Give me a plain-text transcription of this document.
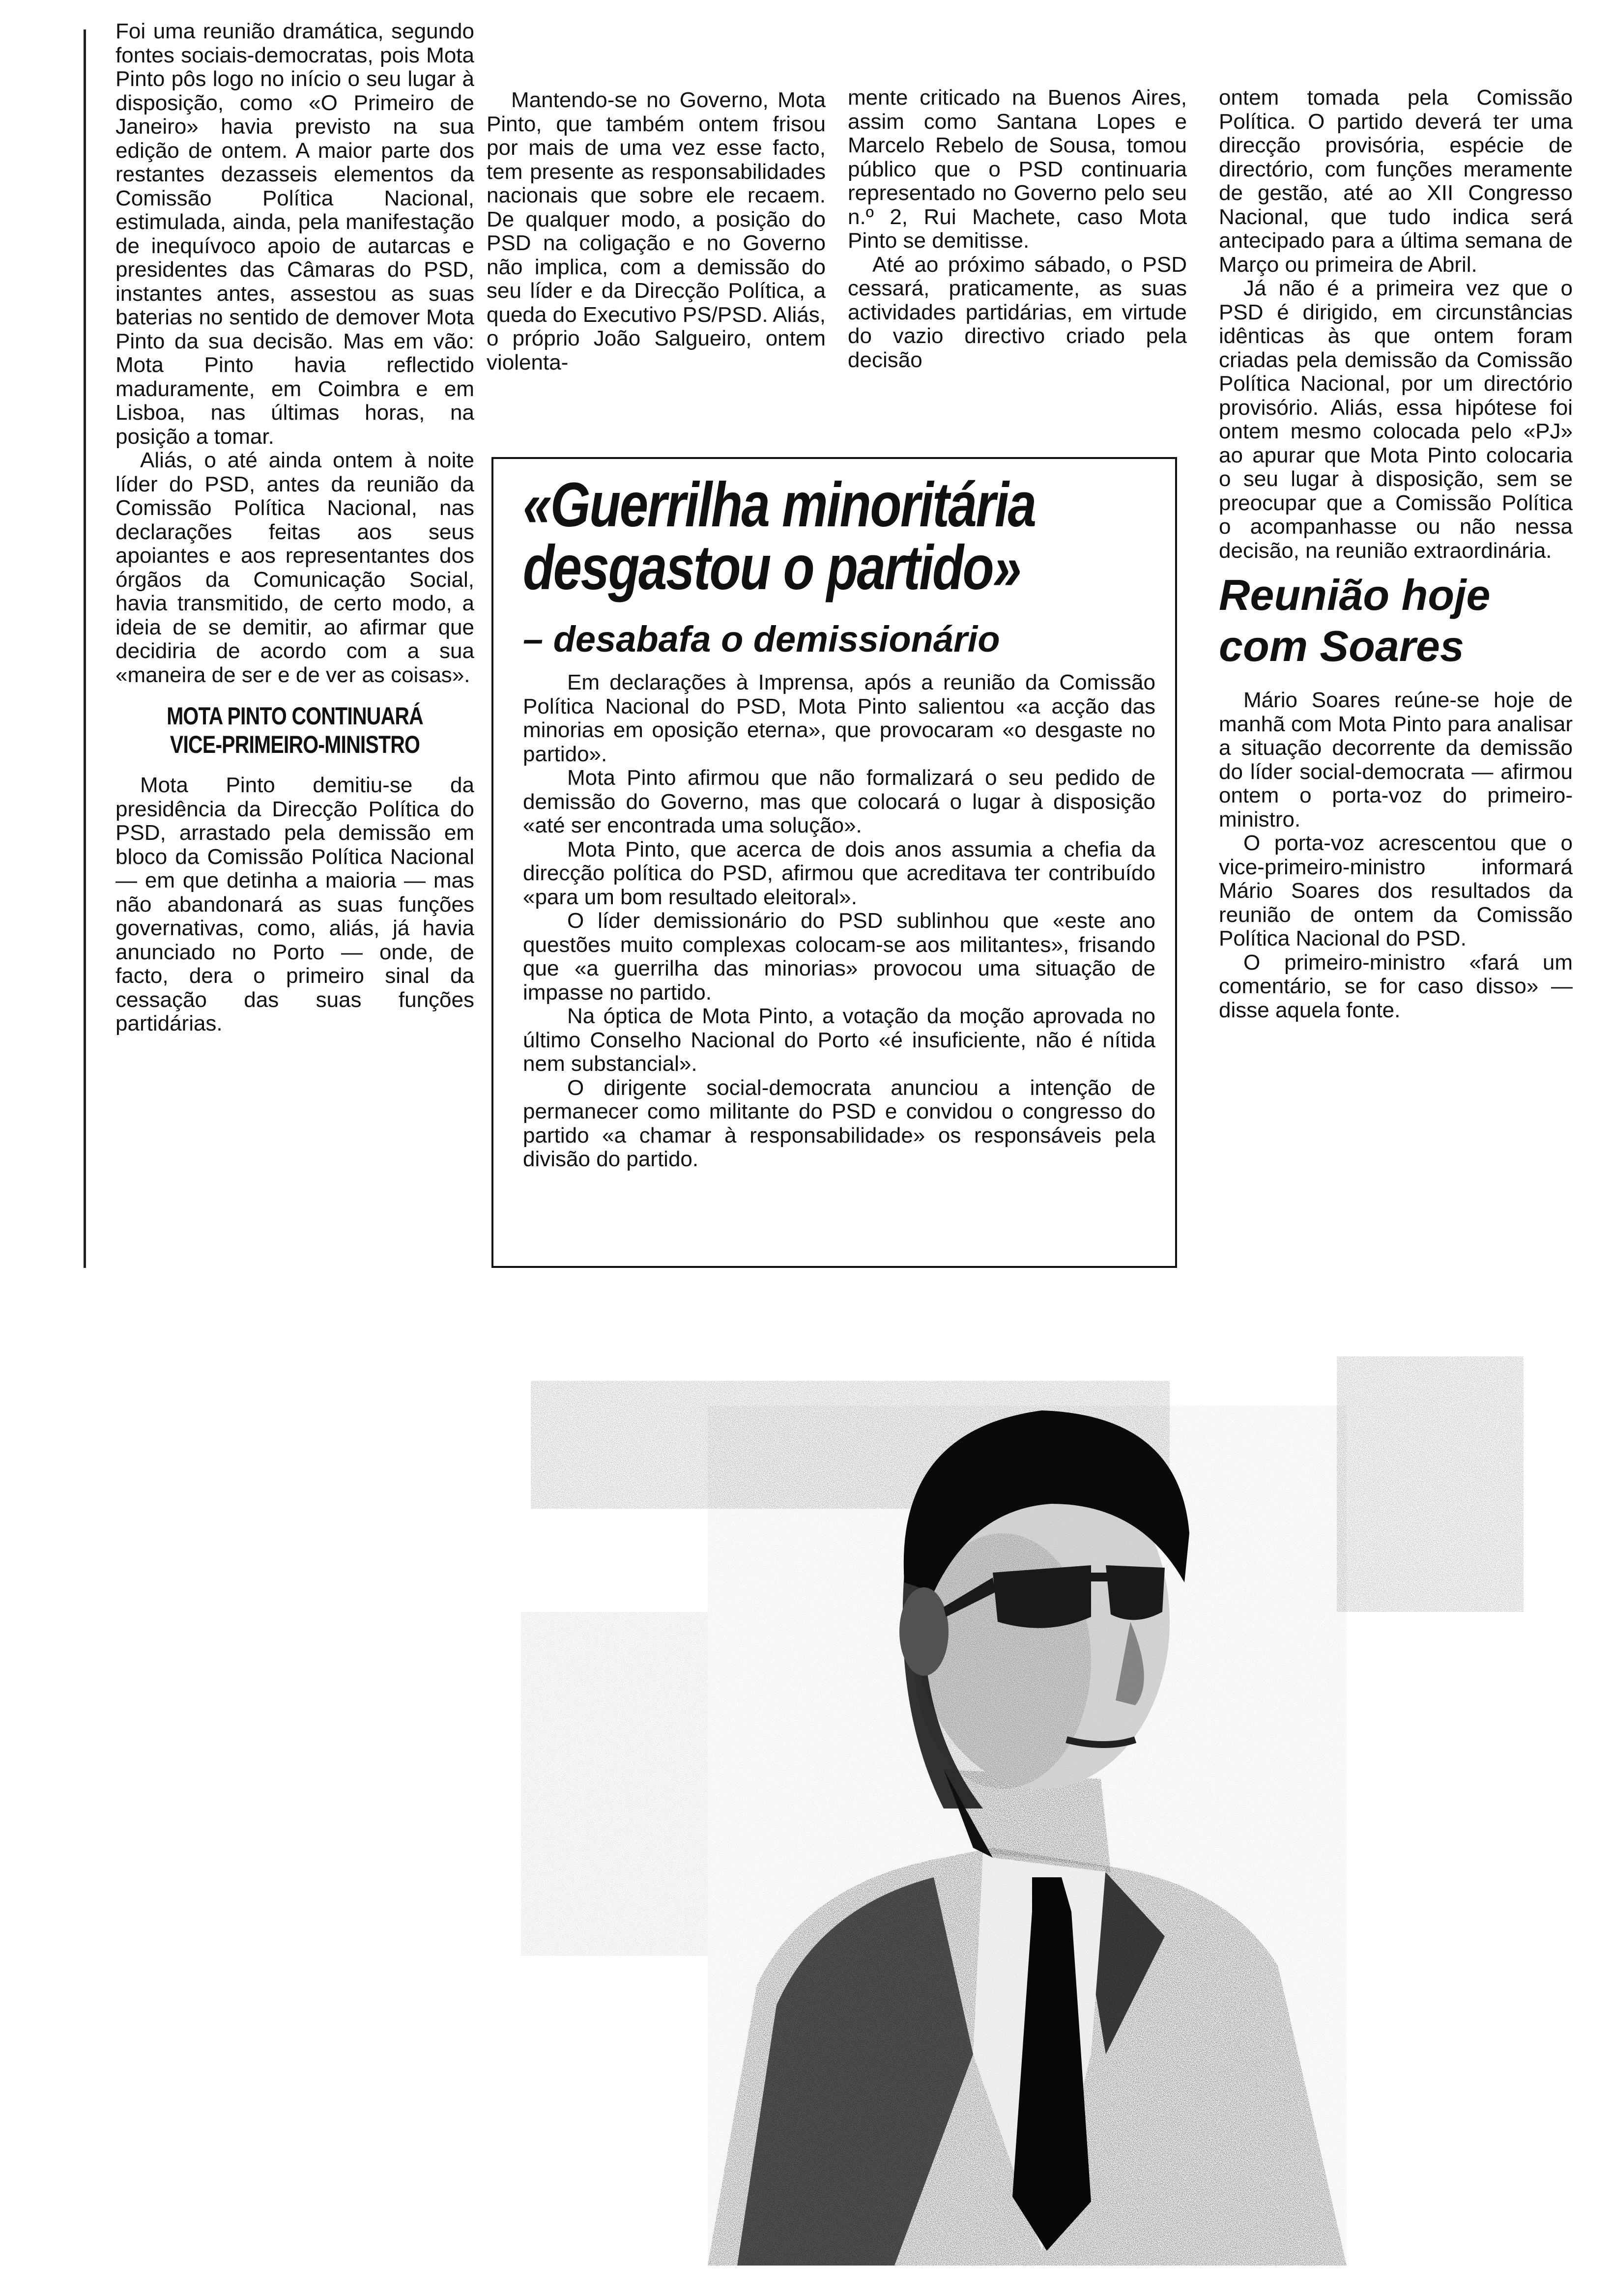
Foi uma reunião dramática, segundo fontes sociais-democratas, pois Mota Pinto pôs logo no início o seu lugar à disposição, como «O Primeiro de Janeiro» havia previsto na sua edição de ontem. A maior parte dos restantes dezasseis elementos da Comissão Política Nacional, estimulada, ainda, pela manifestação de inequívoco apoio de autarcas e presidentes das Câmaras do PSD, instantes antes, assestou as suas baterias no sentido de demover Mota Pinto da sua decisão. Mas em vão: Mota Pinto havia reflectido maduramente, em Coimbra e em Lisboa, nas últimas horas, na posição a tomar.

Aliás, o até ainda ontem à noite líder do PSD, antes da reunião da Comissão Política Nacional, nas declarações feitas aos seus apoiantes e aos representantes dos órgãos da Comunicação Social, havia transmitido, de certo modo, a ideia de se demitir, ao afirmar que decidiria de acordo com a sua «maneira de ser e de ver as coisas».

MOTA PINTO CONTINUARÁ
VICE-PRIMEIRO-MINISTRO

Mota Pinto demitiu-se da presidência da Direcção Política do PSD, arrastado pela demissão em bloco da Comissão Política Nacional — em que detinha a maioria — mas não abandonará as suas funções governativas, como, aliás, já havia anunciado no Porto — onde, de facto, dera o primeiro sinal da cessação das suas funções partidárias.

Mantendo-se no Governo, Mota Pinto, que também ontem frisou por mais de uma vez esse facto, tem presente as responsabilidades nacionais que sobre ele recaem. De qualquer modo, a posição do PSD na coligação e no Governo não implica, com a demissão do seu líder e da Direcção Política, a queda do Executivo PS/PSD. Aliás, o próprio João Salgueiro, ontem violenta-

mente criticado na Buenos Aires, assim como Santana Lopes e Marcelo Rebelo de Sousa, tomou público que o PSD continuaria representado no Governo pelo seu n.º 2, Rui Machete, caso Mota Pinto se demitisse.

Até ao próximo sábado, o PSD cessará, praticamente, as suas actividades partidárias, em virtude do vazio directivo criado pela decisão

ontem tomada pela Comissão Política. O partido deverá ter uma direcção provisória, espécie de directório, com funções meramente de gestão, até ao XII Congresso Nacional, que tudo indica será antecipado para a última semana de Março ou primeira de Abril.

Já não é a primeira vez que o PSD é dirigido, em circunstâncias idênticas às que ontem foram criadas pela demissão da Comissão Política Nacional, por um directório provisório. Aliás, essa hipótese foi ontem mesmo colocada pelo «PJ» ao apurar que Mota Pinto colocaria o seu lugar à disposição, sem se preocupar que a Comissão Política o acompanhasse ou não nessa decisão, na reunião extraordinária.

Reunião hoje
com Soares

Mário Soares reúne-se hoje de manhã com Mota Pinto para analisar a situação decorrente da demissão do líder social-democrata — afirmou ontem o porta-voz do primeiro-ministro.

O porta-voz acrescentou que o vice-primeiro-ministro informará Mário Soares dos resultados da reunião de ontem da Comissão Política Nacional do PSD.

O primeiro-ministro «fará um comentário, se for caso disso» — disse aquela fonte.

«Guerrilha minoritária
desgastou o partido»
– desabafa o demissionário

Em declarações à Imprensa, após a reunião da Comissão Política Nacional do PSD, Mota Pinto salientou «a acção das minorias em oposição eterna», que provocaram «o desgaste no partido».

Mota Pinto afirmou que não formalizará o seu pedido de demissão do Governo, mas que colocará o lugar à disposição «até ser encontrada uma solução».

Mota Pinto, que acerca de dois anos assumia a chefia da direcção política do PSD, afirmou que acreditava ter contribuído «para um bom resultado eleitoral».

O líder demissionário do PSD sublinhou que «este ano questões muito complexas colocam-se aos militantes», frisando que «a guerrilha das minorias» provocou uma situação de impasse no partido.

Na óptica de Mota Pinto, a votação da moção aprovada no último Conselho Nacional do Porto «é insuficiente, não é nítida nem substancial».

O dirigente social-democrata anunciou a intenção de permanecer como militante do PSD e convidou o congresso do partido «a chamar à responsabilidade» os responsáveis pela divisão do partido.
